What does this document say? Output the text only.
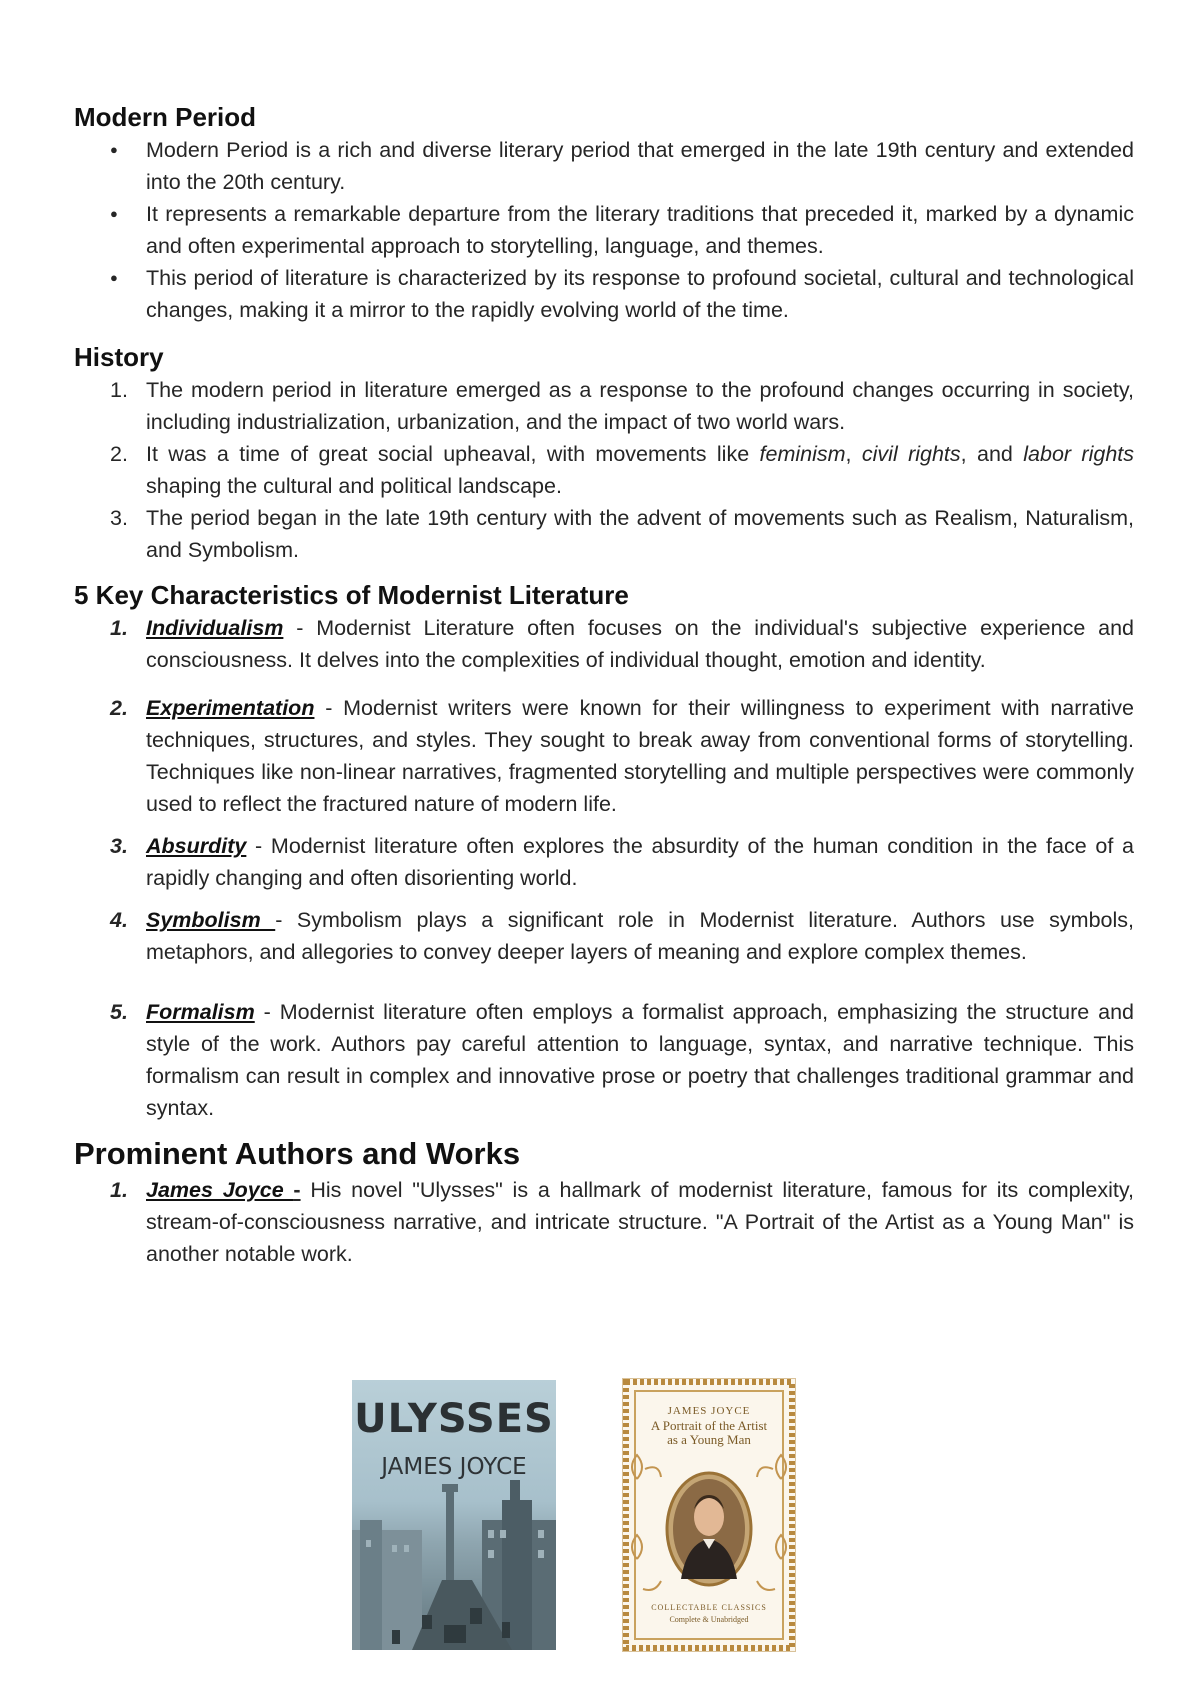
Modern Period
●
Modern Period is a rich and diverse literary period that emerged in the late 19th century and extended into the 20th century.
●
It represents a remarkable departure from the literary traditions that preceded it, marked by a dynamic and often experimental approach to storytelling, language, and themes.
●
This period of literature is characterized by its response to profound societal, cultural and technological changes, making it a mirror to the rapidly evolving world of the time.
History
1. The modern period in literature emerged as a response to the profound changes occurring in society, including industrialization, urbanization, and the impact of two world wars.
2. It was a time of great social upheaval, with movements like feminism, civil rights, and labor rights shaping the cultural and political landscape.
3. The period began in the late 19th century with the advent of movements such as Realism, Naturalism, and Symbolism.
5 Key Characteristics of Modernist Literature
1. Individualism - Modernist Literature often focuses on the individual's subjective experience and consciousness. It delves into the complexities of individual thought, emotion and identity.
2. Experimentation - Modernist writers were known for their willingness to experiment with narrative techniques, structures, and styles. They sought to break away from conventional forms of storytelling. Techniques like non-linear narratives, fragmented storytelling and multiple perspectives were commonly used to reflect the fractured nature of modern life.
3. Absurdity - Modernist literature often explores the absurdity of the human condition in the face of a rapidly changing and often disorienting world.
4. Symbolism - Symbolism plays a significant role in Modernist literature. Authors use symbols, metaphors, and allegories to convey deeper layers of meaning and explore complex themes.
5. Formalism - Modernist literature often employs a formalist approach, emphasizing the structure and style of the work. Authors pay careful attention to language, syntax, and narrative technique. This formalism can result in complex and innovative prose or poetry that challenges traditional grammar and syntax.
Prominent Authors and Works
1. James Joyce - His novel "Ulysses" is a hallmark of modernist literature, famous for its complexity, stream-of-consciousness narrative, and intricate structure. "A Portrait of the Artist as a Young Man" is another notable work.
ULYSSES
JAMES JOYCE
JAMES JOYCE
A Portrait of the Artist
as a Young Man
COLLECTABLE CLASSICS
Complete & Unabridged
